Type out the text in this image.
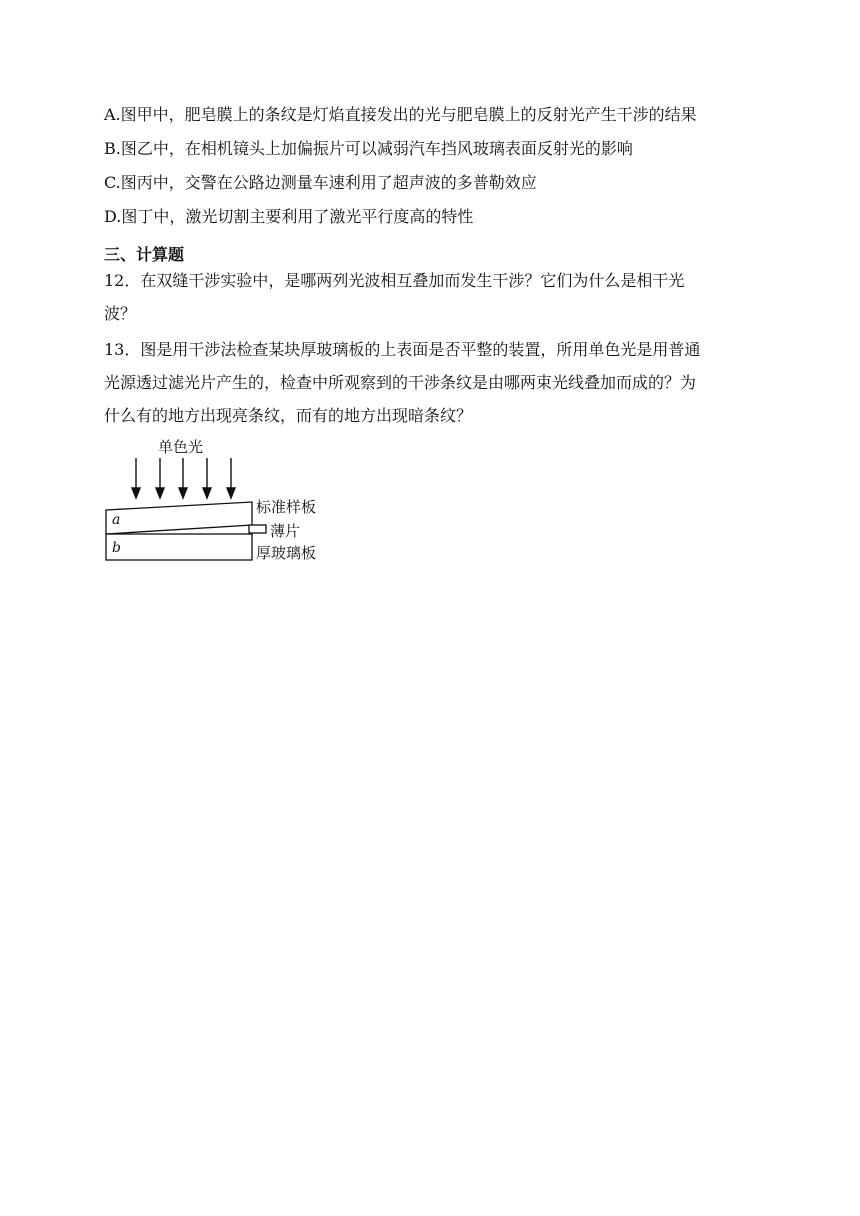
A.图甲中，肥皂膜上的条纹是灯焰直接发出的光与肥皂膜上的反射光产生干涉的结果
B.图乙中，在相机镜头上加偏振片可以减弱汽车挡风玻璃表面反射光的影响
C.图丙中，交警在公路边测量车速利用了超声波的多普勒效应
D.图丁中，激光切割主要利用了激光平行度高的特性
三、计算题
12．在双缝干涉实验中，是哪两列光波相互叠加而发生干涉？它们为什么是相干光
波？
13．图是用干涉法检查某块厚玻璃板的上表面是否平整的装置，所用单色光是用普通
光源透过滤光片产生的，检查中所观察到的干涉条纹是由哪两束光线叠加而成的？为
什么有的地方出现亮条纹，而有的地方出现暗条纹？
单色光
a
b
标准样板
薄片
厚玻璃板
